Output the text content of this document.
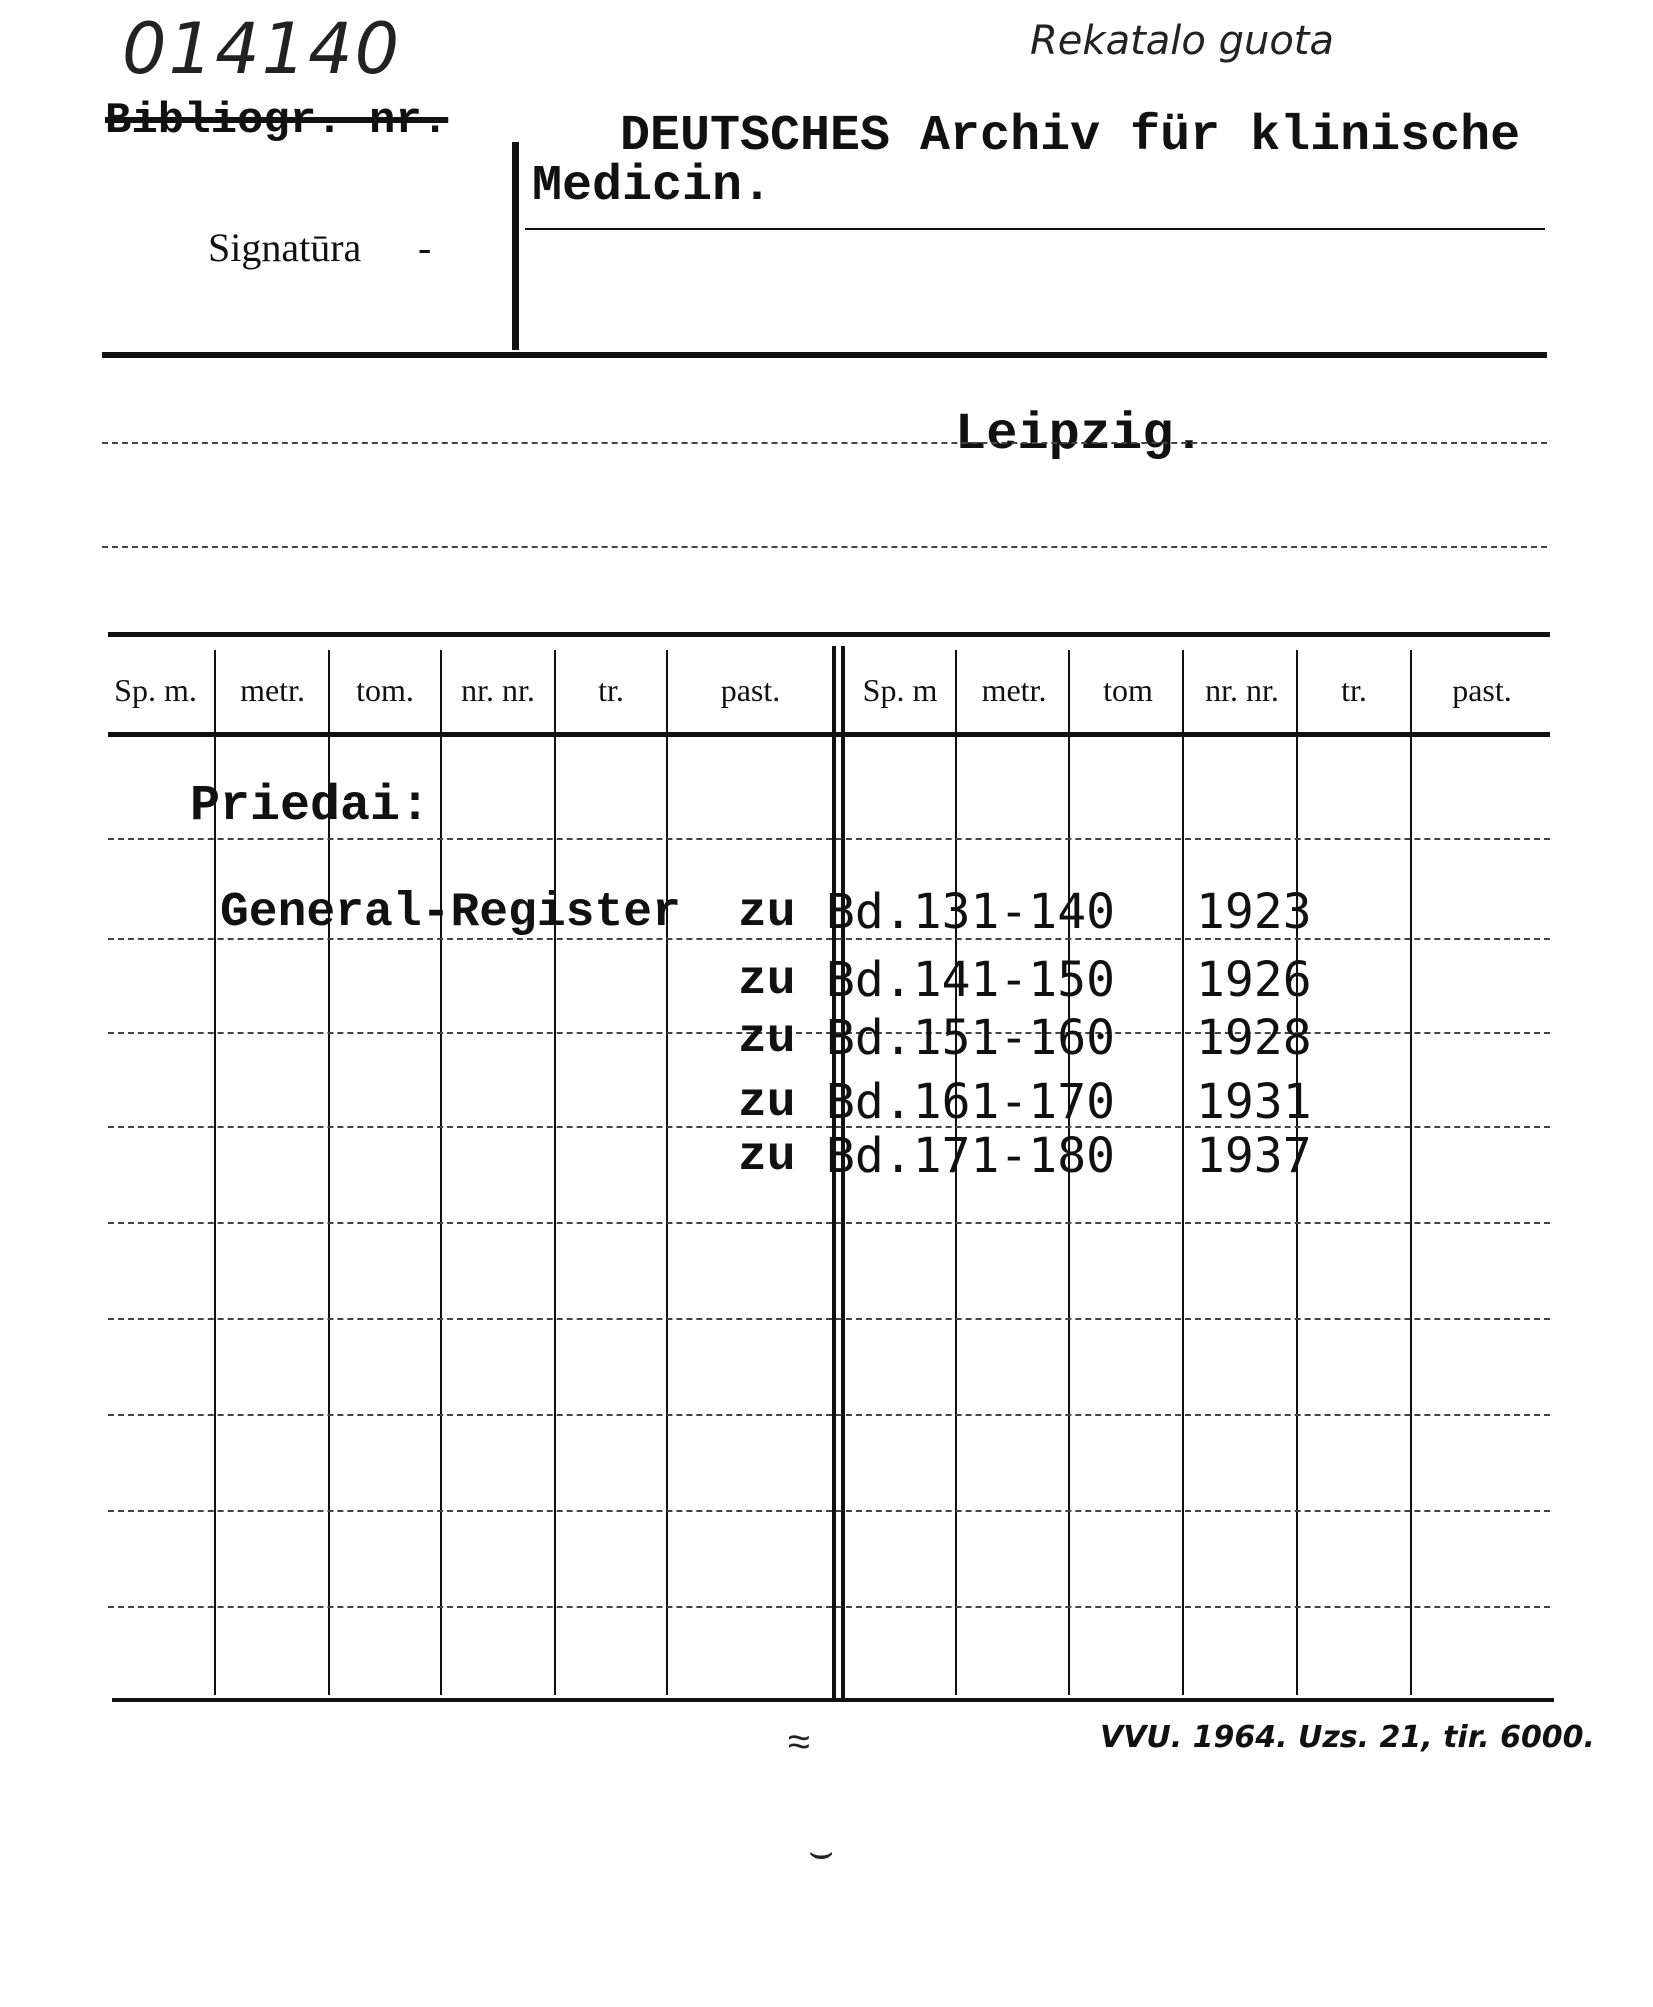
014140	Rekatalo guota
Bibliogr. nr.
Signatūra -
DEUTSCHES Archiv für klinische
Medicin.
Leipzig.
Sp. m.	metr.	tom.	nr. nr.	tr.	past.	Sp. m	metr.	tom	nr. nr.	tr.	past.
Priedai:
General-Register zu Bd.131-140 1923
zu Bd.141-150 1926
zu Bd.151-160 1928
zu Bd.161-170 1931
zu Bd.171-180 1937
VVU. 1964. Uzs. 21, tir. 6000.
≈
⌣
